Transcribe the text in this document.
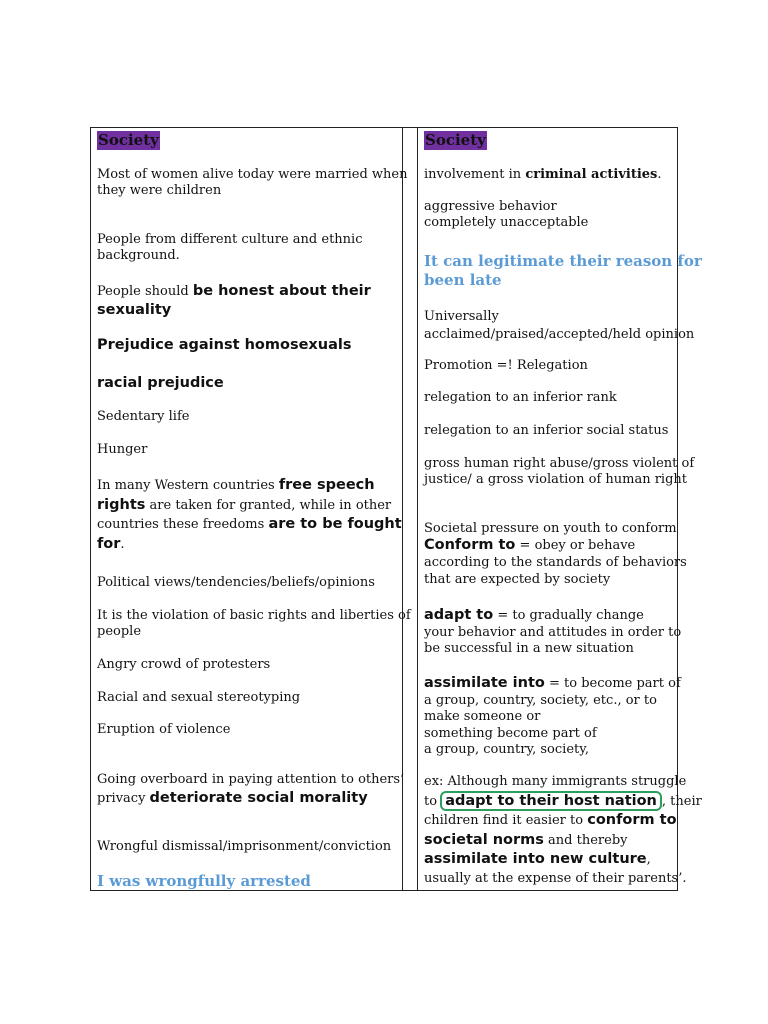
Society
Most of women alive today were married when
they were children
People from different culture and ethnic
background.
People should be honest about their
sexuality
Prejudice against homosexuals
racial prejudice
Sedentary life
Hunger
In many Western countries free speech
rights are taken for granted, while in other
countries these freedoms are to be fought
for.
Political views/tendencies/beliefs/opinions
It is the violation of basic rights and liberties of
people
Angry crowd of protesters
Racial and sexual stereotyping
Eruption of violence
Going overboard in paying attention to others’
privacy deteriorate social morality
Wrongful dismissal/imprisonment/conviction
I was wrongfully arrested
Society
involvement in criminal activities.
aggressive behavior
completely unacceptable
It can legitimate their reason for
been late
Universally
acclaimed/praised/accepted/held opinion
Promotion =! Relegation
relegation to an inferior rank
relegation to an inferior social status
gross human right abuse/gross violent of
justice/ a gross violation of human right
Societal pressure on youth to conform
Conform to = obey or behave
according to the standards of behaviors
that are expected by society
adapt to = to gradually change
your behavior and attitudes in order to
be successful in a new situation
assimilate into = to become part of
a group, country, society, etc., or to
make someone or
something become part of
a group, country, society,
ex: Although many immigrants struggle
to adapt to their host nation , their
children find it easier to conform to
societal norms and thereby
assimilate into new culture,
usually at the expense of their parents’.
